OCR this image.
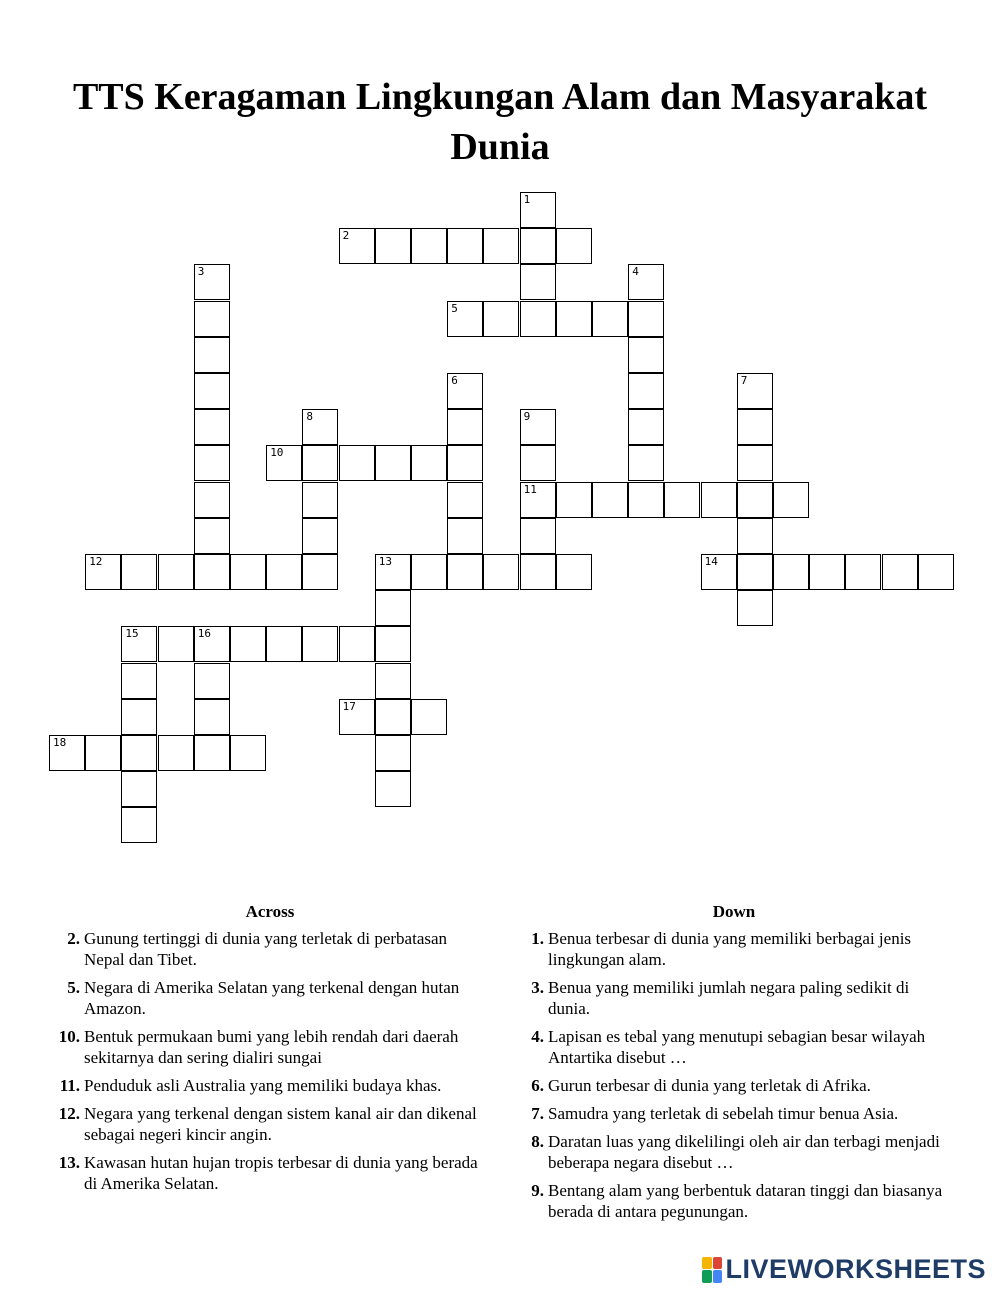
TTS Keragaman Lingkungan Alam dan Masyarakat Dunia
1
2
3	4
5
6	7
8	9
11
10
12	13	14
15	16
17
18
Across
2. Gunung tertinggi di dunia yang terletak di perbatasan Nepal dan Tibet.
5. Negara di Amerika Selatan yang terkenal dengan hutan Amazon.
10. Bentuk permukaan bumi yang lebih rendah dari daerah sekitarnya dan sering dialiri sungai
11. Penduduk asli Australia yang memiliki budaya khas.
12. Negara yang terkenal dengan sistem kanal air dan dikenal sebagai negeri kincir angin.
13. Kawasan hutan hujan tropis terbesar di dunia yang berada di Amerika Selatan.
Down
1. Benua terbesar di dunia yang memiliki berbagai jenis lingkungan alam.
3. Benua yang memiliki jumlah negara paling sedikit di dunia.
4. Lapisan es tebal yang menutupi sebagian besar wilayah Antartika disebut …
6. Gurun terbesar di dunia yang terletak di Afrika.
7. Samudra yang terletak di sebelah timur benua Asia.
8. Daratan luas yang dikelilingi oleh air dan terbagi menjadi beberapa negara disebut …
9. Bentang alam yang berbentuk dataran tinggi dan biasanya berada di antara pegunungan.
LIVEWORKSHEETS
